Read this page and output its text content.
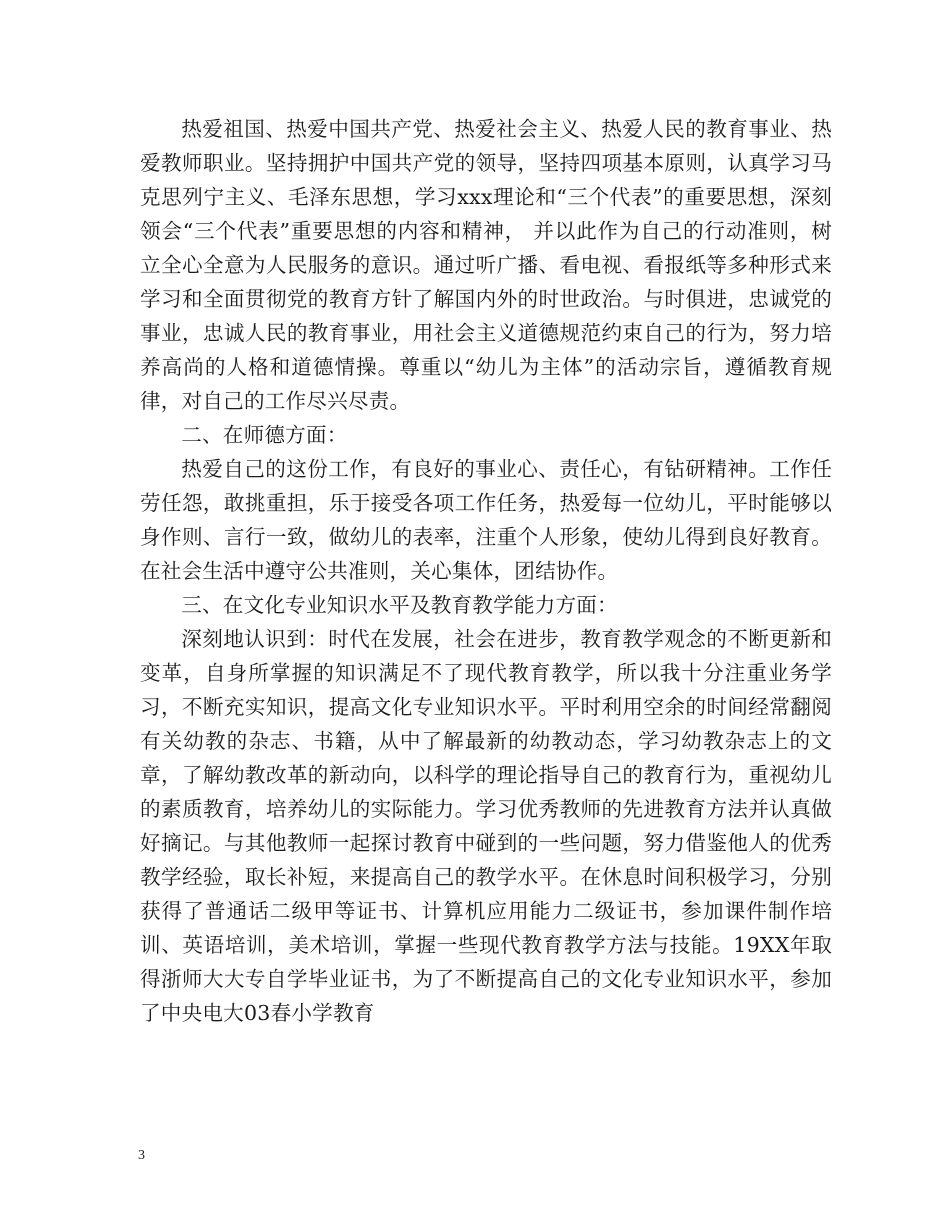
热爱祖国、热爱中国共产党、热爱社会主义、热爱人民的教育事业、热爱教师职业。坚持拥护中国共产党的领导，坚持四项基本原则，认真学习马克思列宁主义、毛泽东思想，学习xxx理论和“三个代表”的重要思想，深刻领会“三个代表”重要思想的内容和精神， 并以此作为自己的行动准则，树立全心全意为人民服务的意识。通过听广播、看电视、看报纸等多种形式来学习和全面贯彻党的教育方针了解国内外的时世政治。与时俱进，忠诚党的事业，忠诚人民的教育事业，用社会主义道德规范约束自己的行为，努力培养高尚的人格和道德情操。尊重以“幼儿为主体”的活动宗旨，遵循教育规律，对自己的工作尽兴尽责。

二、在师德方面：

热爱自己的这份工作，有良好的事业心、责任心，有钻研精神。工作任劳任怨，敢挑重担，乐于接受各项工作任务，热爱每一位幼儿，平时能够以身作则、言行一致，做幼儿的表率，注重个人形象，使幼儿得到良好教育。在社会生活中遵守公共准则，关心集体，团结协作。

三、在文化专业知识水平及教育教学能力方面：

深刻地认识到：时代在发展，社会在进步，教育教学观念的不断更新和变革，自身所掌握的知识满足不了现代教育教学，所以我十分注重业务学习，不断充实知识，提高文化专业知识水平。平时利用空余的时间经常翻阅有关幼教的杂志、书籍，从中了解最新的幼教动态，学习幼教杂志上的文章，了解幼教改革的新动向，以科学的理论指导自己的教育行为，重视幼儿的素质教育，培养幼儿的实际能力。学习优秀教师的先进教育方法并认真做好摘记。与其他教师一起探讨教育中碰到的一些问题，努力借鉴他人的优秀教学经验，取长补短，来提高自己的教学水平。在休息时间积极学习，分别获得了普通话二级甲等证书、计算机应用能力二级证书，参加课件制作培训、英语培训，美术培训，掌握一些现代教育教学方法与技能。19XX年取得浙师大大专自学毕业证书，为了不断提高自己的文化专业知识水平，参加了中央电大03春小学教育

3
